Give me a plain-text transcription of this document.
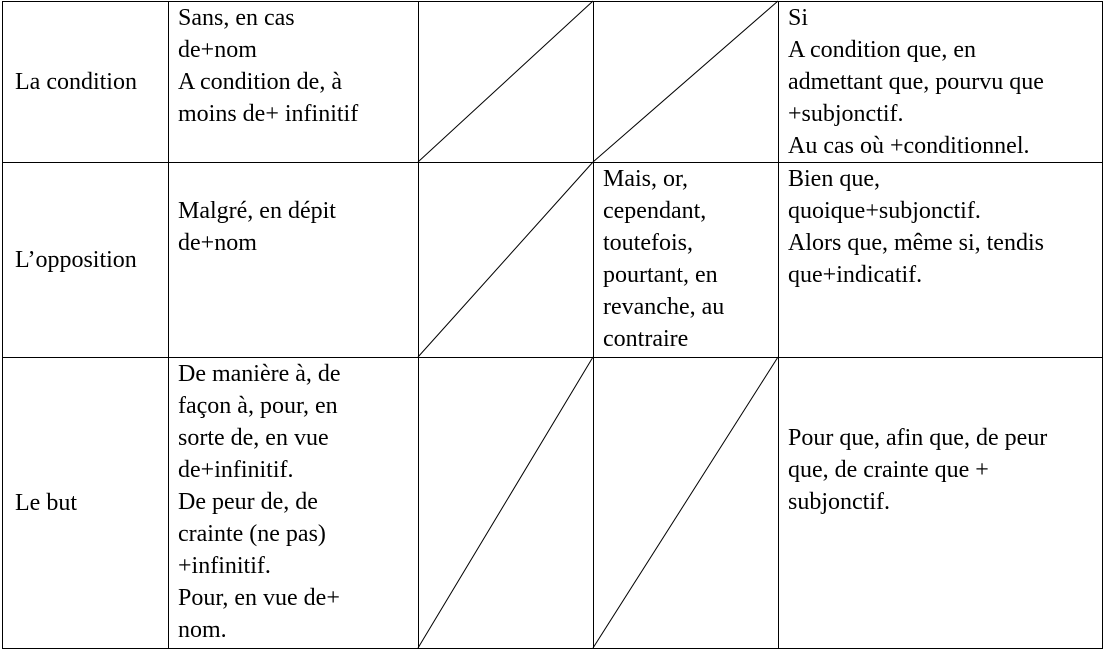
La condition
Sans, en cas
de+nom
A condition de, à
moins de+ infinitif
Si
A condition que, en
admettant que, pourvu que
+subjonctif.
Au cas où +conditionnel.
L’opposition
Malgré, en dépit
de+nom
Mais, or,
cependant,
toutefois,
pourtant, en
revanche, au
contraire
Bien que,
quoique+subjonctif.
Alors que, même si, tendis
que+indicatif.
Le but
De manière à, de
façon à, pour, en
sorte de, en vue
de+infinitif.
De peur de, de
crainte (ne pas)
+infinitif.
Pour, en vue de+
nom.
Pour que, afin que, de peur
que, de crainte que +
subjonctif.
